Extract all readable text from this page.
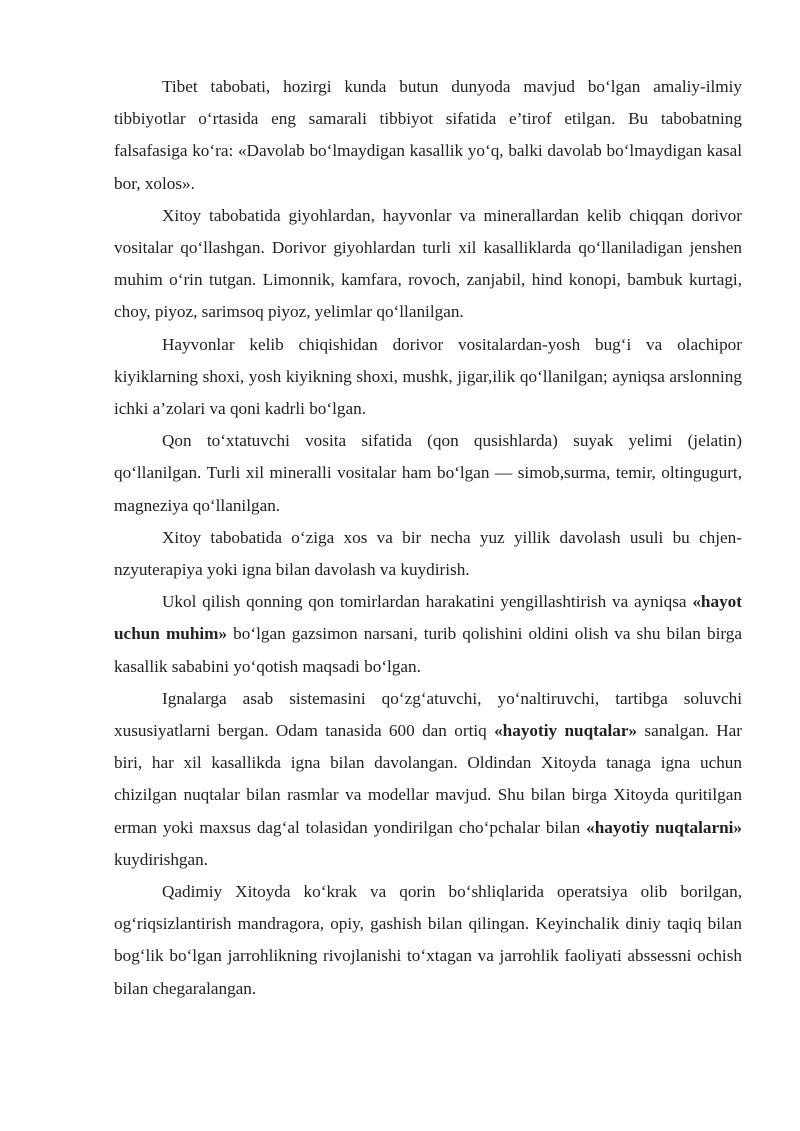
Tibet tabobati, hozirgi kunda butun dunyoda mavjud bo‘lgan amaliy-ilmiy tibbiyotlar o‘rtasida eng samarali tibbiyot sifatida e’tirof etilgan. Bu tabobatning falsafasiga ko‘ra: «Davolab bo‘lmaydigan kasallik yo‘q, balki davolab bo‘lmaydigan kasal bor, xolos».

Xitoy tabobatida giyohlardan, hayvonlar va minerallardan kelib chiqqan dorivor vositalar qo‘llashgan. Dorivor giyohlardan turli xil kasalliklarda qo‘llaniladigan jenshen muhim o‘rin tutgan. Limonnik, kamfara, rovoch, zanjabil, hind konopi, bambuk kurtagi, choy, piyoz, sarimsoq piyoz, yelimlar qo‘llanilgan.

Hayvonlar kelib chiqishidan dorivor vositalardan-yosh bug‘i va olachipor kiyiklarning shoxi, yosh kiyikning shoxi, mushk, jigar,ilik qo‘llanilgan; ayniqsa arslonning ichki a’zolari va qoni kadrli bo‘lgan.

Qon to‘xtatuvchi vosita sifatida (qon qusishlarda) suyak yelimi (jelatin) qo‘llanilgan. Turli xil mineralli vositalar ham bo‘lgan — simob,surma, temir, oltingugurt, magneziya qo‘llanilgan.

Xitoy tabobatida o‘ziga xos va bir necha yuz yillik davolash usuli bu chjen-nzyuterapiya yoki igna bilan davolash va kuydirish.

Ukol qilish qonning qon tomirlardan harakatini yengillashtirish va ayniqsa «hayot uchun muhim» bo‘lgan gazsimon narsani, turib qolishini oldini olish va shu bilan birga kasallik sababini yo‘qotish maqsadi bo‘lgan.

Ignalarga asab sistemasini qo‘zg‘atuvchi, yo‘naltiruvchi, tartibga soluvchi xususiyatlarni bergan. Odam tanasida 600 dan ortiq «hayotiy nuqtalar» sanalgan. Har biri, har xil kasallikda igna bilan davolangan. Oldindan Xitoyda tanaga igna uchun chizilgan nuqtalar bilan rasmlar va modellar mavjud. Shu bilan birga Xitoyda quritilgan erman yoki maxsus dag‘al tolasidan yondirilgan cho‘pchalar bilan «hayotiy nuqtalarni» kuydirishgan.

Qadimiy Xitoyda ko‘krak va qorin bo‘shliqlarida operatsiya olib borilgan, og‘riqsizlantirish mandragora, opiy, gashish bilan qilingan. Keyinchalik diniy taqiq bilan bog‘lik bo‘lgan jarrohlikning rivojlanishi to‘xtagan va jarrohlik faoliyati abssessni ochish bilan chegaralangan.
